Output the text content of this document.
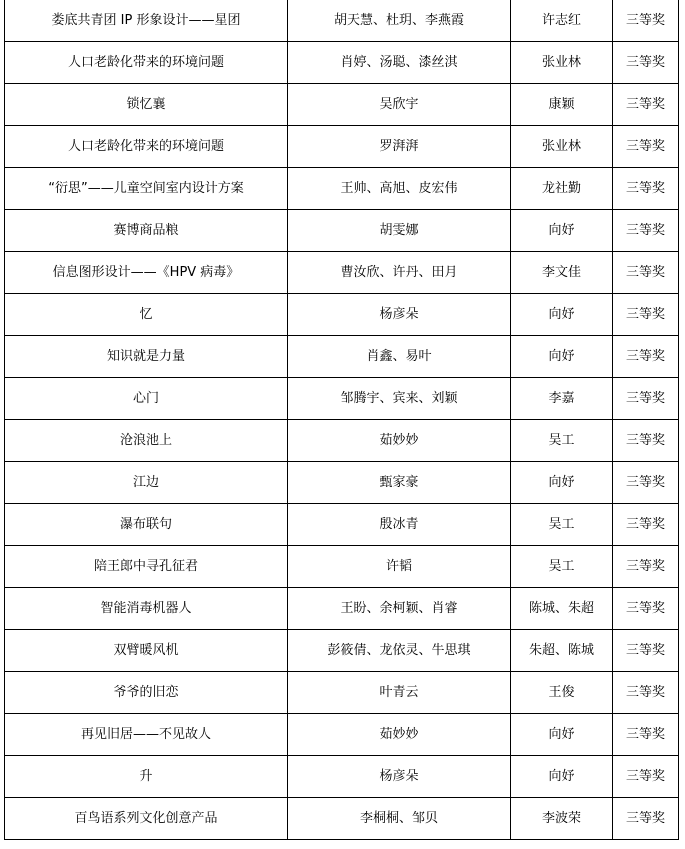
娄底共青团 IP 形象设计——星团	胡天慧、杜玥、李燕霞	许志红	三等奖
人口老龄化带来的环境问题	肖婷、汤聪、漆丝淇	张业林	三等奖
锁忆襄	吴欣宇	康颖	三等奖
人口老龄化带来的环境问题	罗湃湃	张业林	三等奖
“衍思”——儿童空间室内设计方案	王帅、高旭、皮宏伟	龙社勤	三等奖
赛博商品粮	胡雯娜	向妤	三等奖
信息图形设计——《HPV 病毒》	曹汝欣、许丹、田月	李文佳	三等奖
忆	杨彦朵	向妤	三等奖
知识就是力量	肖鑫、易叶	向妤	三等奖
心门	邹腾宇、宾来、刘颖	李嘉	三等奖
沧浪池上	茹妙妙	吴工	三等奖
江边	甄家豪	向妤	三等奖
瀑布联句	殷冰青	吴工	三等奖
陪王郎中寻孔征君	许韬	吴工	三等奖
智能消毒机器人	王盼、余柯颖、肖睿	陈城、朱超	三等奖
双臂暖风机	彭筱倩、龙依灵、牛思琪	朱超、陈城	三等奖
爷爷的旧恋	叶青云	王俊	三等奖
再见旧居——不见故人	茹妙妙	向妤	三等奖
升	杨彦朵	向妤	三等奖
百鸟语系列文化创意产品	李桐桐、邹贝	李波荣	三等奖
